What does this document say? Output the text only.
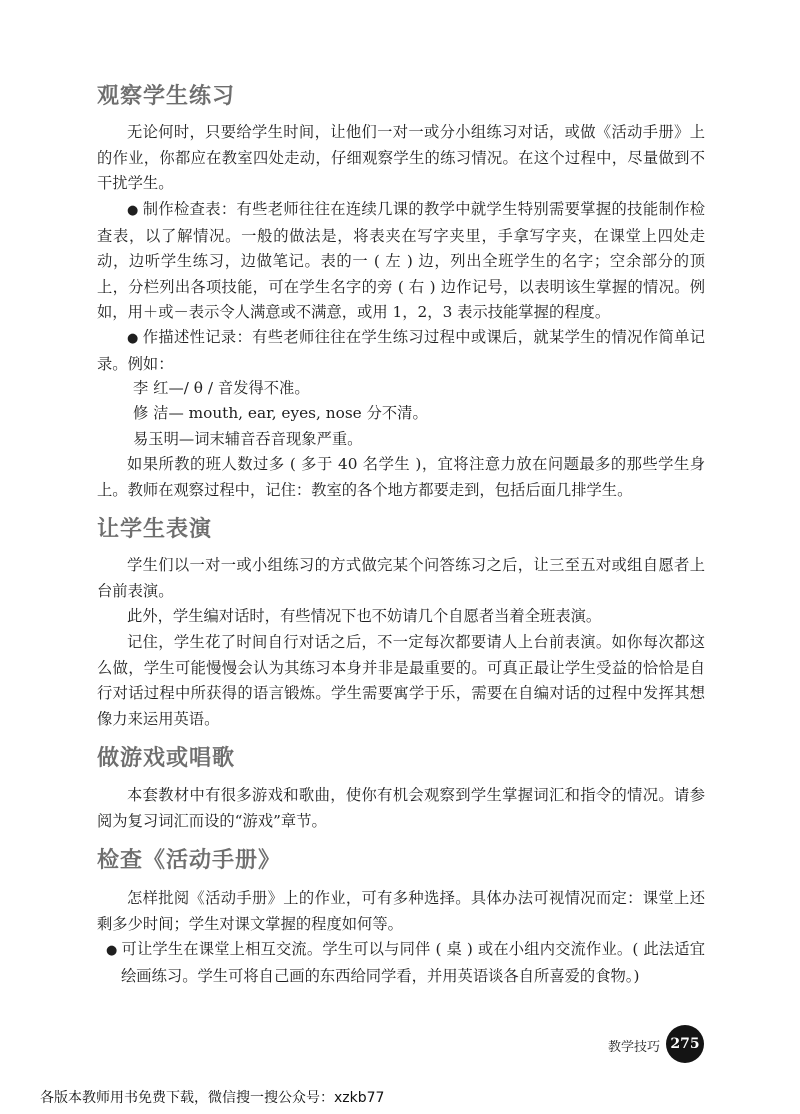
观察学生练习

无论何时，只要给学生时间，让他们一对一或分小组练习对话，或做《活动手册》上的作业，你都应在教室四处走动，仔细观察学生的练习情况。在这个过程中，尽量做到不干扰学生。

● 制作检查表：有些老师往往在连续几课的教学中就学生特别需要掌握的技能制作检查表，以了解情况。一般的做法是，将表夹在写字夹里，手拿写字夹，在课堂上四处走动，边听学生练习，边做笔记。表的一 ( 左 ) 边，列出全班学生的名字；空余部分的顶上，分栏列出各项技能，可在学生名字的旁 ( 右 ) 边作记号，以表明该生掌握的情况。例如，用＋或－表示令人满意或不满意，或用 1，2，3 表示技能掌握的程度。

● 作描述性记录：有些老师往往在学生练习过程中或课后，就某学生的情况作简单记录。例如：

李 红—/ θ / 音发得不准。

修 洁— mouth, ear, eyes, nose 分不清。

易玉明—词末辅音吞音现象严重。

如果所教的班人数过多 ( 多于 40 名学生 )，宜将注意力放在问题最多的那些学生身上。教师在观察过程中，记住：教室的各个地方都要走到，包括后面几排学生。

让学生表演

学生们以一对一或小组练习的方式做完某个问答练习之后，让三至五对或组自愿者上台前表演。

此外，学生编对话时，有些情况下也不妨请几个自愿者当着全班表演。

记住，学生花了时间自行对话之后，不一定每次都要请人上台前表演。如你每次都这么做，学生可能慢慢会认为其练习本身并非是最重要的。可真正最让学生受益的恰恰是自行对话过程中所获得的语言锻炼。学生需要寓学于乐，需要在自编对话的过程中发挥其想像力来运用英语。

做游戏或唱歌

本套教材中有很多游戏和歌曲，使你有机会观察到学生掌握词汇和指令的情况。请参阅为复习词汇而设的“游戏”章节。

检查《活动手册》

怎样批阅《活动手册》上的作业，可有多种选择。具体办法可视情况而定：课堂上还剩多少时间；学生对课文掌握的程度如何等。

● 可让学生在课堂上相互交流。学生可以与同伴 ( 桌 ) 或在小组内交流作业。( 此法适宜绘画练习。学生可将自己画的东西给同学看，并用英语谈各自所喜爱的食物。)

教学技巧 275
各版本教师用书免费下载，微信搜一搜公众号：xzkb77
